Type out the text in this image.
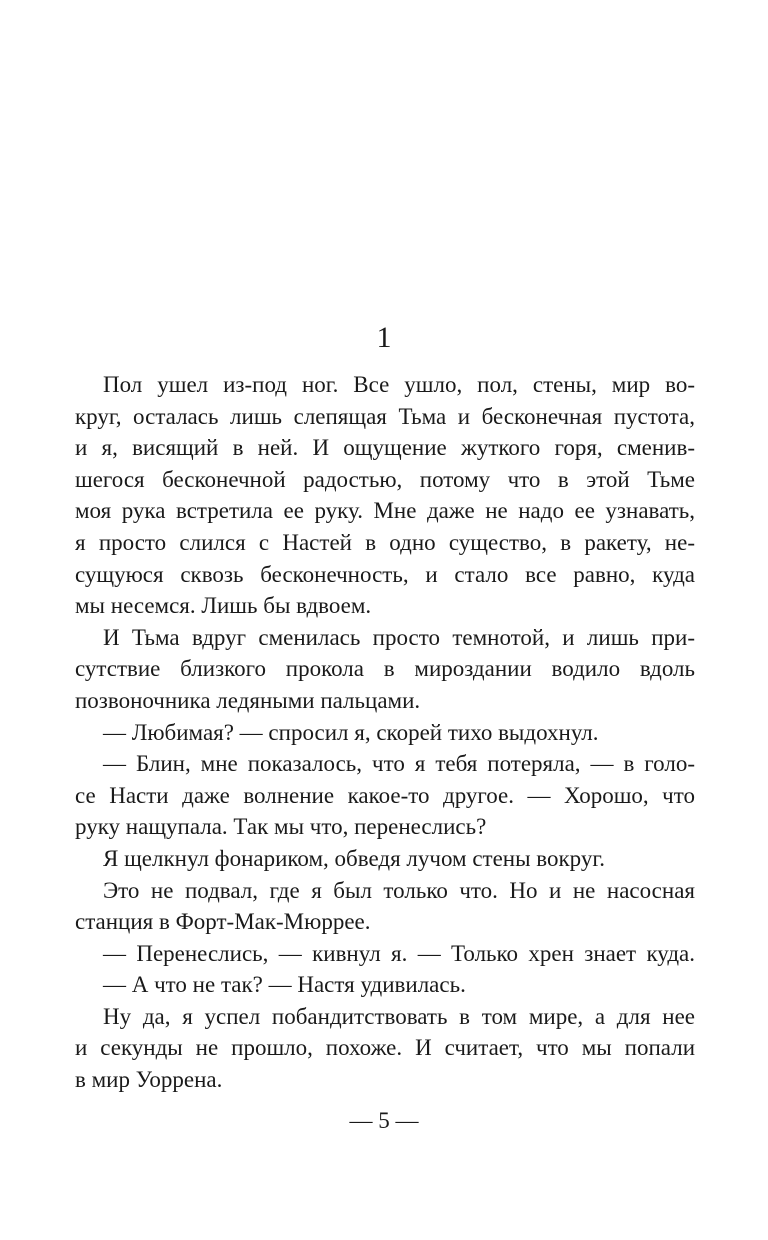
1
Пол ушел из-под ног. Все ушло, пол, стены, мир во-
круг, осталась лишь слепящая Тьма и бесконечная пустота,
и я, висящий в ней. И ощущение жуткого горя, сменив-
шегося бесконечной радостью, потому что в этой Тьме
моя рука встретила ее руку. Мне даже не надо ее узнавать,
я просто слился с Настей в одно существо, в ракету, не-
сущуюся сквозь бесконечность, и стало все равно, куда
мы несемся. Лишь бы вдвоем.
И Тьма вдруг сменилась просто темнотой, и лишь при-
сутствие близкого прокола в мироздании водило вдоль
позвоночника ледяными пальцами.
— Любимая? — спросил я, скорей тихо выдохнул.
— Блин, мне показалось, что я тебя потеряла, — в голо-
се Насти даже волнение какое-то другое. — Хорошо, что
руку нащупала. Так мы что, перенеслись?
Я щелкнул фонариком, обведя лучом стены вокруг.
Это не подвал, где я был только что. Но и не насосная
станция в Форт-Мак-Мюррее.
— Перенеслись, — кивнул я. — Только хрен знает куда.
— А что не так? — Настя удивилась.
Ну да, я успел побандитствовать в том мире, а для нее
и секунды не прошло, похоже. И считает, что мы попали
в мир Уоррена.
— 5 —
